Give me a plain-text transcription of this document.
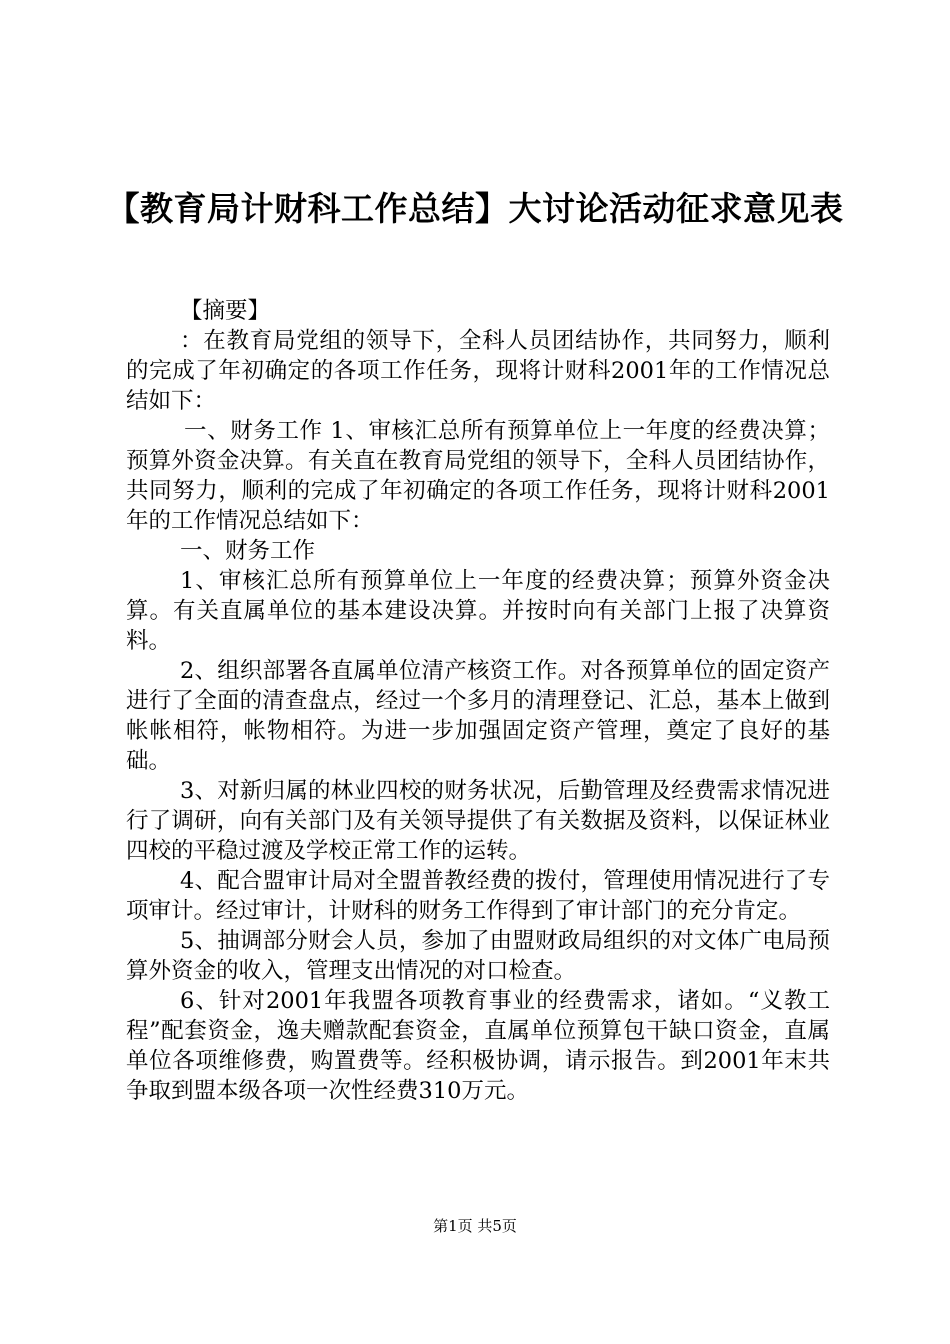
【教育局计财科工作总结】大讨论活动征求意见表

【摘要】

：在教育局党组的领导下，全科人员团结协作，共同努力，顺利的完成了年初确定的各项工作任务，现将计财科2001年的工作情况总结如下：

一、财务工作 1、审核汇总所有预算单位上一年度的经费决算；预算外资金决算。有关直在教育局党组的领导下，全科人员团结协作，共同努力，顺利的完成了年初确定的各项工作任务，现将计财科2001年的工作情况总结如下：

一、财务工作

1、审核汇总所有预算单位上一年度的经费决算；预算外资金决算。有关直属单位的基本建设决算。并按时向有关部门上报了决算资料。

2、组织部署各直属单位清产核资工作。对各预算单位的固定资产进行了全面的清查盘点，经过一个多月的清理登记、汇总，基本上做到帐帐相符，帐物相符。为进一步加强固定资产管理，奠定了良好的基础。

3、对新归属的林业四校的财务状况，后勤管理及经费需求情况进行了调研，向有关部门及有关领导提供了有关数据及资料，以保证林业四校的平稳过渡及学校正常工作的运转。

4、配合盟审计局对全盟普教经费的拨付，管理使用情况进行了专项审计。经过审计，计财科的财务工作得到了审计部门的充分肯定。

5、抽调部分财会人员，参加了由盟财政局组织的对文体广电局预算外资金的收入，管理支出情况的对口检查。

6、针对2001年我盟各项教育事业的经费需求，诸如。“义教工程”配套资金，逸夫赠款配套资金，直属单位预算包干缺口资金，直属单位各项维修费，购置费等。经积极协调，请示报告。到2001年末共争取到盟本级各项一次性经费310万元。

第1页 共5页
